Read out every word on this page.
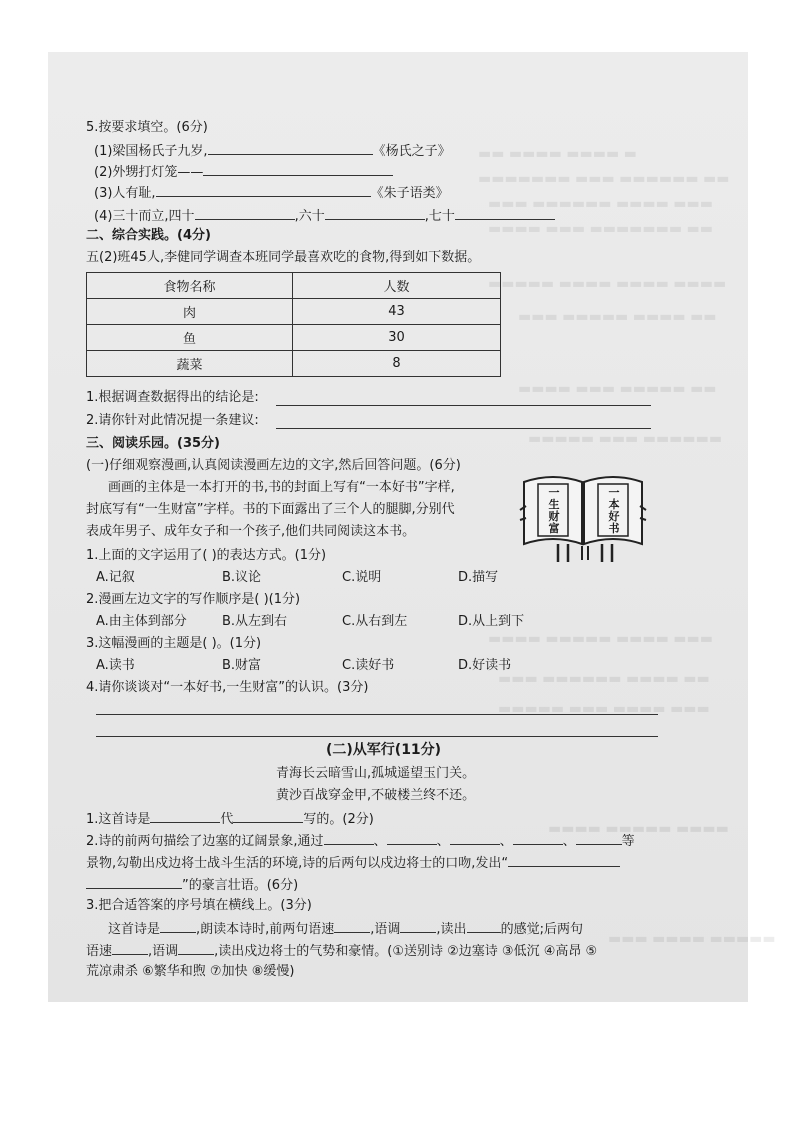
▬▬ ▬▬▬▬ ▬▬▬▬ ▬
▬▬▬▬▬▬▬ ▬▬▬ ▬▬▬▬▬▬ ▬▬
▬▬▬ ▬▬▬▬▬▬ ▬▬▬▬ ▬▬▬
▬▬▬▬ ▬▬▬ ▬▬▬▬▬▬▬ ▬▬
▬▬▬▬▬ ▬▬▬▬ ▬▬▬▬ ▬▬▬▬
▬▬▬ ▬▬▬▬▬ ▬▬▬▬ ▬▬
▬▬▬▬ ▬▬▬ ▬▬▬▬▬ ▬▬
▬▬▬▬▬ ▬▬▬ ▬▬▬▬▬▬
▬▬▬▬ ▬▬▬▬▬ ▬▬▬▬ ▬▬▬
▬▬▬ ▬▬▬▬▬▬ ▬▬▬▬ ▬▬
▬▬▬▬▬ ▬▬▬ ▬▬▬▬ ▬▬▬
▬▬▬▬ ▬▬▬▬▬ ▬▬▬▬
▬▬▬ ▬▬▬▬ ▬▬▬▬▬
5.按要求填空。(6分)
(1)梁国杨氏子九岁,	《杨氏之子》
(2)外甥打灯笼——
(3)人有耻,	《朱子语类》
(4)三十而立,四十	,六十	,七十
二、综合实践。(4分)
五(2)班45人,李健同学调查本班同学最喜欢吃的食物,得到如下数据。
食物名称	人数
肉	43
鱼	30
蔬菜	8
1.根据调查数据得出的结论是:
2.请你针对此情况提一条建议:
三、阅读乐园。(35分)
(一)仔细观察漫画,认真阅读漫画左边的文字,然后回答问题。(6分)
画画的主体是一本打开的书,书的封面上写有“一本好书”字样,
封底写有“一生财富”字样。书的下面露出了三个人的腿脚,分别代
表成年男子、成年女子和一个孩子,他们共同阅读这本书。
一
生
财
富
一
本
好
书
1.上面的文字运用了( )的表达方式。(1分)
A.记叙	B.议论	C.说明	D.描写
2.漫画左边文字的写作顺序是( )(1分)
A.由主体到部分	B.从左到右	C.从右到左	D.从上到下
3.这幅漫画的主题是( )。(1分)
A.读书	B.财富	C.读好书	D.好读书
4.请你谈谈对“一本好书,一生财富”的认识。(3分)
(二)从军行(11分)
青海长云暗雪山,孤城遥望玉门关。
黄沙百战穿金甲,不破楼兰终不还。
1.这首诗是	代	写的。(2分)
2.诗的前两句描绘了边塞的辽阔景象,通过	、	、	、	、	等
景物,勾勒出戍边将士战斗生活的环境,诗的后两句以戍边将士的口吻,发出“
”的豪言壮语。(6分)
3.把合适答案的序号填在横线上。(3分)
这首诗是	,朗读本诗时,前两句语速	,语调	,读出	的感觉;后两句
语速	,语调	,读出戍边将士的气势和豪情。(①送别诗 ②边塞诗 ③低沉 ④高昂 ⑤
荒凉肃杀 ⑥繁华和煦 ⑦加快 ⑧缓慢)
